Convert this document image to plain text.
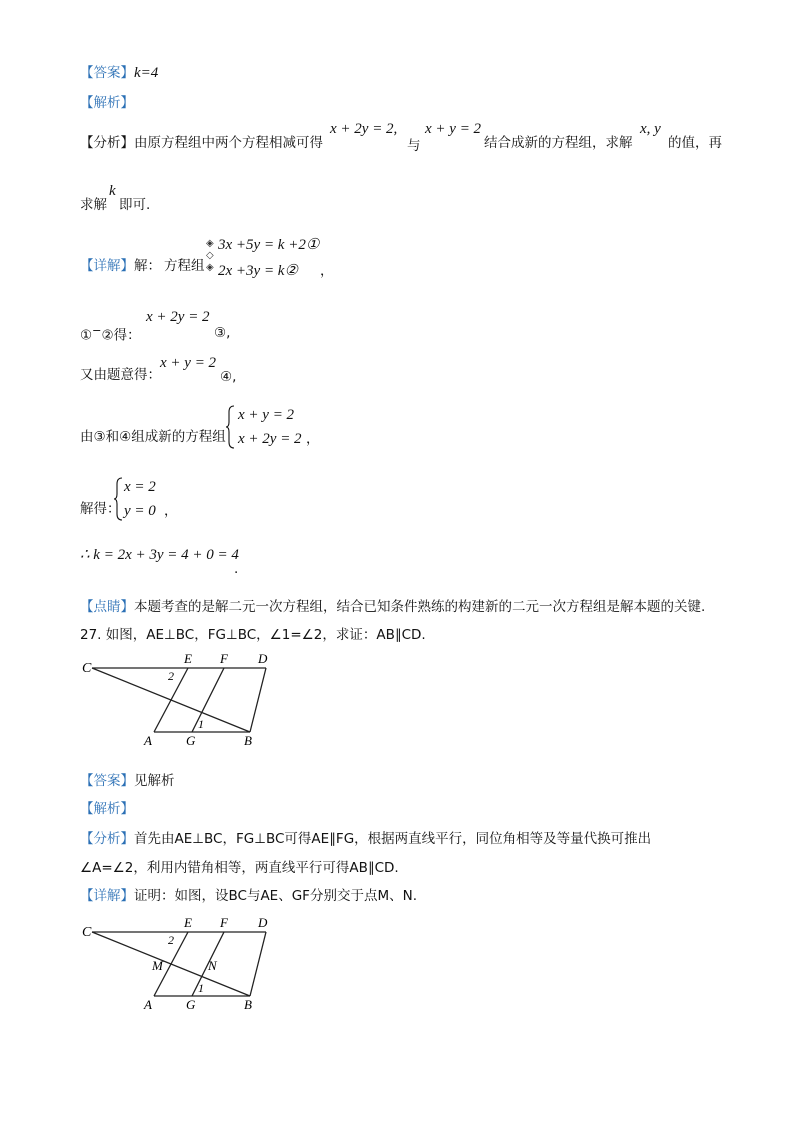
【答案】k=4
【解析】
【分析】由原方程组中两个方程相减可得
x + 2y = 2,
与
x + y = 2
结合成新的方程组，求解
x, y
的值，再
求解
k
即可.
【详解】解： 方程组
◈
◇
◈
3x +5y = k +2①
2x +3y = k② ，
①−②得：
x + 2y = 2
③,
又由题意得：
x + y = 2
④,
由③和④组成新的方程组
x + y = 2
x + 2y = 2 ，
解得：
x = 2
y = 0 ，
∴ k = 2x + 3y = 4 + 0 = 4
.
【点睛】本题考查的是解二元一次方程组，结合已知条件熟练的构建新的二元一次方程组是解本题的关键.
27. 如图，AE⊥BC，FG⊥BC，∠1=∠2，求证：AB∥CD.
C
E F D
2
1
A	G	B
【答案】见解析
【解析】
【分析】首先由AE⊥BC，FG⊥BC可得AE∥FG，根据两直线平行，同位角相等及等量代换可推出
∠A=∠2，利用内错角相等，两直线平行可得AB∥CD.
【详解】证明：如图，设BC与AE、GF分别交于点M、N.
C
E F D
2
M	N
1
A	G	B
